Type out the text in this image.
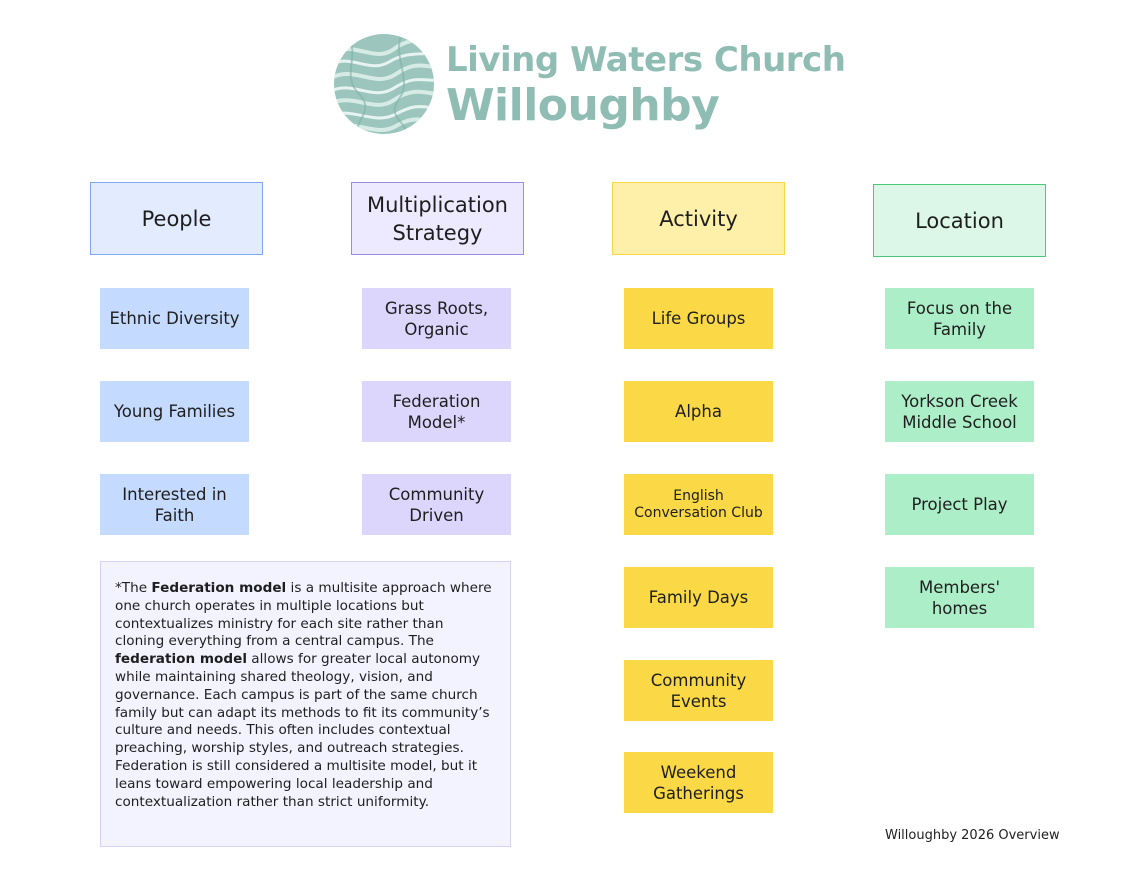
Living Waters Church
Willoughby
People
Multiplication Strategy
Activity	Location
Ethnic Diversity
Young Families
Interested in Faith
Grass Roots, Organic
Federation Model*
Community Driven
Life Groups
Alpha
English Conversation Club
Family Days
Community Events
Weekend Gatherings
Focus on the Family
Yorkson Creek Middle School
Project Play
Members' homes
*The Federation model is a multisite approach where one church operates in multiple locations but contextualizes ministry for each site rather than cloning everything from a central campus. The federation model allows for greater local autonomy while maintaining shared theology, vision, and governance. Each campus is part of the same church family but can adapt its methods to fit its community’s culture and needs. This often includes contextual preaching, worship styles, and outreach strategies. Federation is still considered a multisite model, but it leans toward empowering local leadership and contextualization rather than strict uniformity.
Willoughby 2026 Overview
